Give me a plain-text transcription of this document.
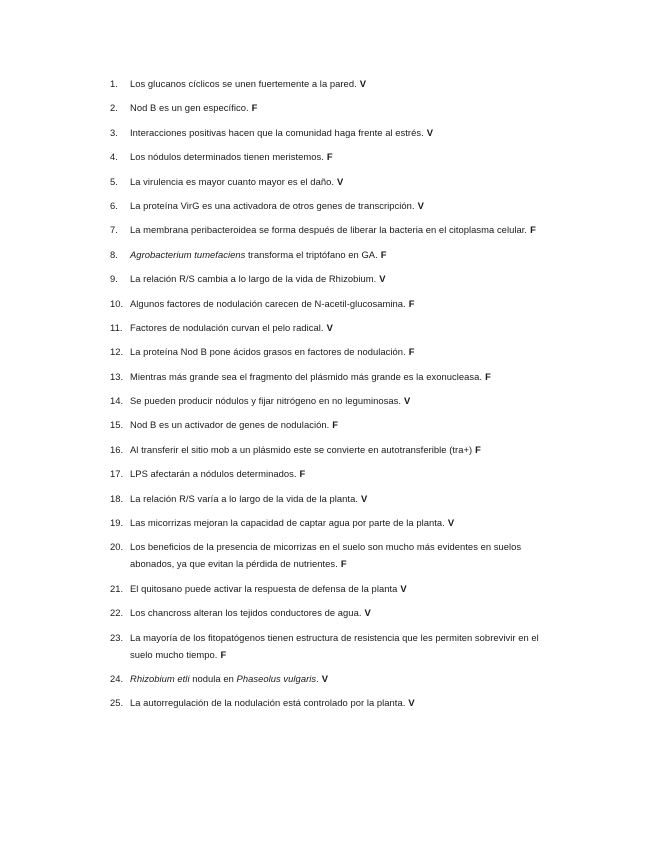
1.	Los glucanos cíclicos se unen fuertemente a la pared. V
2.	Nod B es un gen específico. F
3.	Interacciones positivas hacen que la comunidad haga frente al estrés. V
4.	Los nódulos determinados tienen meristemos. F
5.	La virulencia es mayor cuanto mayor es el daño. V
6.	La proteína VirG es una activadora de otros genes de transcripción. V
7.	La membrana peribacteroidea se forma después de liberar la bacteria en el citoplasma celular. F
8.	Agrobacterium tumefaciens transforma el triptófano en GA. F
9.	La relación R/S cambia a lo largo de la vida de Rhizobium. V
10. Algunos factores de nodulación carecen de N-acetil-glucosamina. F
11. Factores de nodulación curvan el pelo radical. V
12. La proteína Nod B pone ácidos grasos en factores de nodulación. F
13. Mientras más grande sea el fragmento del plásmido más grande es la exonucleasa. F
14. Se pueden producir nódulos y fijar nitrógeno en no leguminosas. V
15. Nod B es un activador de genes de nodulación. F
16. Al transferir el sitio mob a un plásmido este se convierte en autotransferible (tra+) F
17. LPS afectarán a nódulos determinados. F
18. La relación R/S varía a lo largo de la vida de la planta. V
19. Las micorrizas mejoran la capacidad de captar agua por parte de la planta. V
20. Los beneficios de la presencia de micorrizas en el suelo son mucho más evidentes en suelos abonados, ya que evitan la pérdida de nutrientes. F
21. El quitosano puede activar la respuesta de defensa de la planta V
22. Los chancross alteran los tejidos conductores de agua. V
23. La mayoría de los fitopatógenos tienen estructura de resistencia que les permiten sobrevivir en el suelo mucho tiempo. F
24. Rhizobium etli nodula en Phaseolus vulgaris. V
25. La autorregulación de la nodulación está controlado por la planta. V
